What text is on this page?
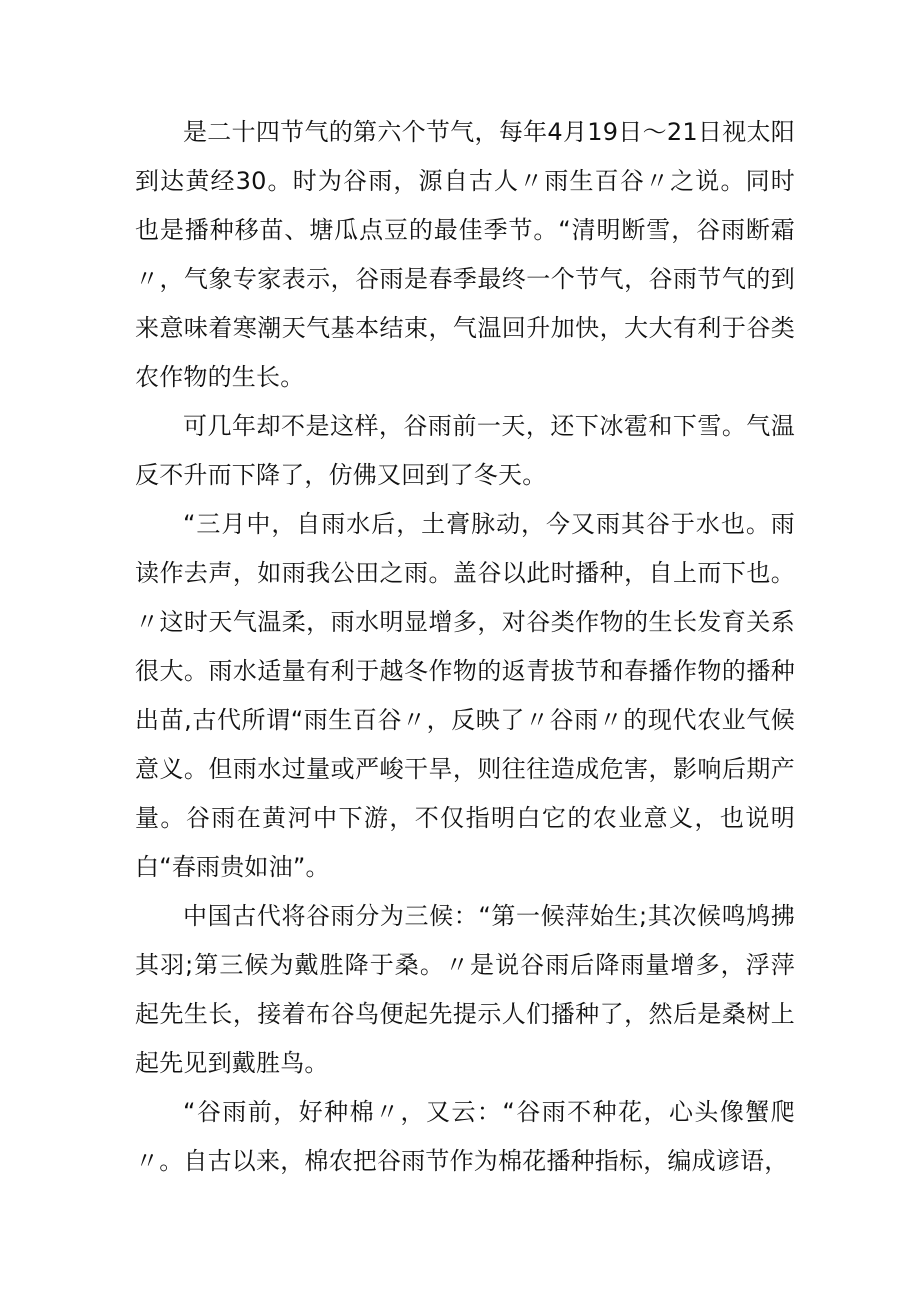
是二十四节气的第六个节气，每年4月19日〜21日视太阳到达黄经30。时为谷雨，源自古人〃雨生百谷〃之说。同时也是播种移苗、塘瓜点豆的最佳季节。“清明断雪，谷雨断霜〃，气象专家表示，谷雨是春季最终一个节气，谷雨节气的到来意味着寒潮天气基本结束，气温回升加快，大大有利于谷类农作物的生长。

可几年却不是这样，谷雨前一天，还下冰雹和下雪。气温反不升而下降了，仿佛又回到了冬天。

“三月中，自雨水后，土膏脉动，今又雨其谷于水也。雨读作去声，如雨我公田之雨。盖谷以此时播种，自上而下也。〃这时天气温柔，雨水明显增多，对谷类作物的生长发育关系很大。雨水适量有利于越冬作物的返青拔节和春播作物的播种出苗,古代所谓“雨生百谷〃，反映了〃谷雨〃的现代农业气候意义。但雨水过量或严峻干旱，则往往造成危害，影响后期产量。谷雨在黄河中下游，不仅指明白它的农业意义，也说明白“春雨贵如油”。

中国古代将谷雨分为三候：“第一候萍始生;其次候鸣鸠拂其羽;第三候为戴胜降于桑。〃是说谷雨后降雨量增多，浮萍起先生长，接着布谷鸟便起先提示人们播种了，然后是桑树上起先见到戴胜鸟。

“谷雨前，好种棉〃，又云：“谷雨不种花，心头像蟹爬〃。自古以来，棉农把谷雨节作为棉花播种指标，编成谚语，
